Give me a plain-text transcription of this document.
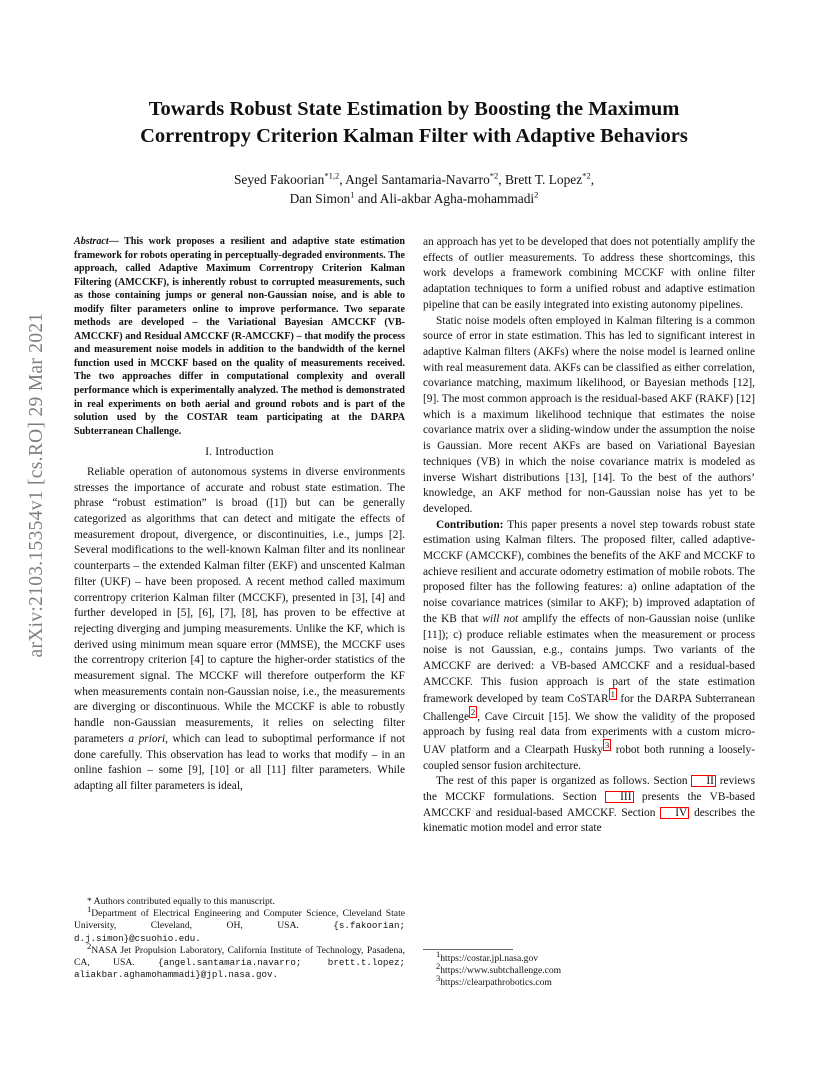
Towards Robust State Estimation by Boosting the Maximum
Correntropy Criterion Kalman Filter with Adaptive Behaviors
Seyed Fakoorian$^{*1,2}$, Angel Santamaria-Navarro$^{*2}$, Brett T. Lopez$^{*2}$,
Dan Simon$^1$ and Ali-akbar Agha-mohammadi$^2$
arXiv:2103.15354v1 [cs.RO] 29 Mar 2021

Abstract— This work proposes a resilient and adaptive state estimation framework for robots operating in perceptually-degraded environments. The approach, called Adaptive Maximum Correntropy Criterion Kalman Filtering (AMCCKF), is inherently robust to corrupted measurements, such as those containing jumps or general non-Gaussian noise, and is able to modify filter parameters online to improve performance. Two separate methods are developed – the Variational Bayesian AMCCKF (VB-AMCCKF) and Residual AMCCKF (R-AMCCKF) – that modify the process and measurement noise models in addition to the bandwidth of the kernel function used in MCCKF based on the quality of measurements received. The two approaches differ in computational complexity and overall performance which is experimentally analyzed. The method is demonstrated in real experiments on both aerial and ground robots and is part of the solution used by the COSTAR team participating at the DARPA Subterranean Challenge.

I. Introduction

Reliable operation of autonomous systems in diverse environments stresses the importance of accurate and robust state estimation. The phrase “robust estimation” is broad ([1]) but can be generally categorized as algorithms that can detect and mitigate the effects of measurement dropout, divergence, or discontinuities, i.e., jumps [2]. Several modifications to the well-known Kalman filter and its nonlinear counterparts – the extended Kalman filter (EKF) and unscented Kalman filter (UKF) – have been proposed. A recent method called maximum correntropy criterion Kalman filter (MCCKF), presented in [3], [4] and further developed in [5], [6], [7], [8], has proven to be effective at rejecting diverging and jumping measurements. Unlike the KF, which is derived using minimum mean square error (MMSE), the MCCKF uses the correntropy criterion [4] to capture the higher-order statistics of the measurement signal. The MCCKF will therefore outperform the KF when measurements contain non-Gaussian noise, i.e., the measurements are diverging or discontinuous. While the MCCKF is able to robustly handle non-Gaussian measurements, it relies on selecting filter parameters a priori, which can lead to suboptimal performance if not done carefully. This observation has lead to works that modify – in an online fashion – some [9], [10] or all [11] filter parameters. While adapting all filter parameters is ideal,

an approach has yet to be developed that does not potentially amplify the effects of outlier measurements. To address these shortcomings, this work develops a framework combining MCCKF with online filter adaptation techniques to form a unified robust and adaptive estimation pipeline that can be easily integrated into existing autonomy pipelines.

Static noise models often employed in Kalman filtering is a common source of error in state estimation. This has led to significant interest in adaptive Kalman filters (AKFs) where the noise model is learned online with real measurement data. AKFs can be classified as either correlation, covariance matching, maximum likelihood, or Bayesian methods [12], [9]. The most common approach is the residual-based AKF (RAKF) [12] which is a maximum likelihood technique that estimates the noise covariance matrix over a sliding-window under the assumption the noise is Gaussian. More recent AKFs are based on Variational Bayesian techniques (VB) in which the noise covariance matrix is modeled as inverse Wishart distributions [13], [14]. To the best of the authors’ knowledge, an AKF method for non-Gaussian noise has yet to be developed.

Contribution: This paper presents a novel step towards robust state estimation using Kalman filters. The proposed filter, called adaptive-MCCKF (AMCCKF), combines the benefits of the AKF and MCCKF to achieve resilient and accurate odometry estimation of mobile robots. The proposed filter has the following features: a) online adaptation of the noise covariance matrices (similar to AKF); b) improved adaptation of the KB that will not amplify the effects of non-Gaussian noise (unlike [11]); c) produce reliable estimates when the measurement or process noise is not Gaussian, e.g., contains jumps. Two variants of the AMCCKF are derived: a VB-based AMCCKF and a residual-based AMCCKF. This fusion approach is part of the state estimation framework developed by team CoSTAR $^1$ for the DARPA Subterranean Challenge $^2$ , Cave Circuit [15]. We show the validity of the proposed approach by fusing real data from experiments with a custom micro-UAV platform and a Clearpath Husky $^3$ robot both running a loosely-coupled sensor fusion architecture.

The rest of this paper is organized as follows. Section II reviews the MCCKF formulations. Section III presents the VB-based AMCCKF and residual-based AMCCKF. Section IV describes the kinematic motion model and error state

* Authors contributed equally to this manuscript.

$^1$Department of Electrical Engineering and Computer Science, Cleveland State University, Cleveland, OH, USA. {s.fakoorian; d.j.simon}@csuohio.edu.

$^2$NASA Jet Propulsion Laboratory, California Institute of Technology, Pasadena, CA, USA. {angel.santamaria.navarro; brett.t.lopez; aliakbar.aghamohammadi}@jpl.nasa.gov.

$^1$https://costar.jpl.nasa.gov

$^2$https://www.subtchallenge.com

$^3$https://clearpathrobotics.com
